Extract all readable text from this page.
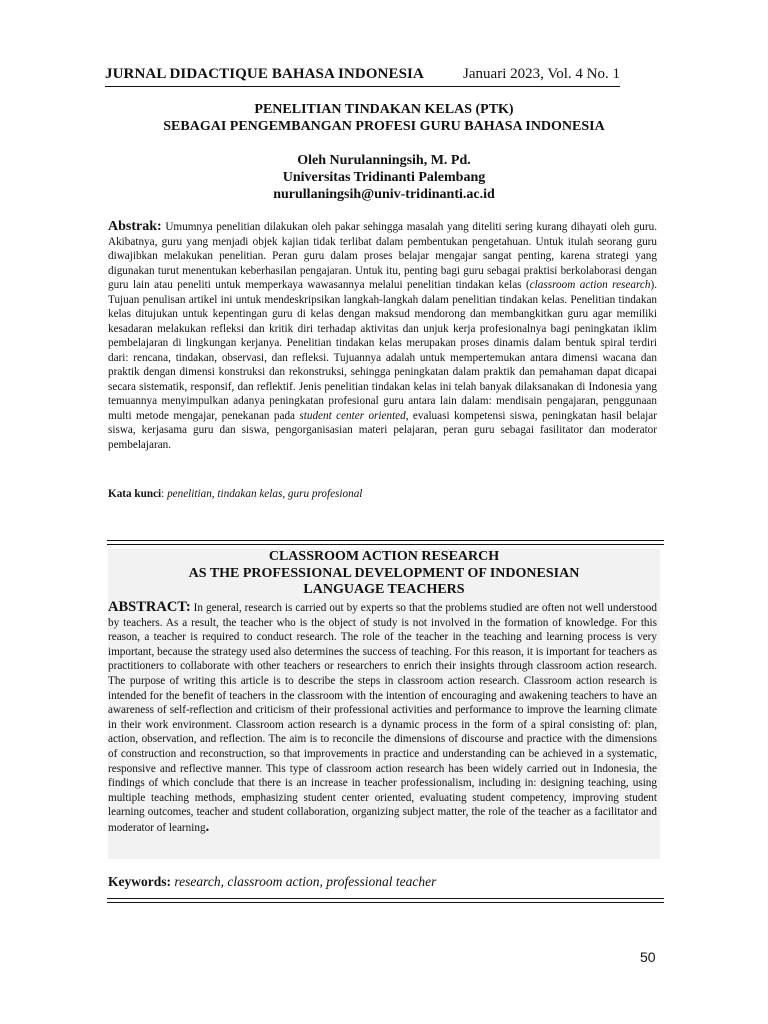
JURNAL DIDACTIQUE BAHASA INDONESIA	Januari 2023, Vol. 4 No. 1
PENELITIAN TINDAKAN KELAS (PTK)
SEBAGAI PENGEMBANGAN PROFESI GURU BAHASA INDONESIA
Oleh Nurulanningsih, M. Pd.
Universitas Tridinanti Palembang
nurullaningsih@univ-tridinanti.ac.id
Abstrak: Umumnya penelitian dilakukan oleh pakar sehingga masalah yang diteliti sering kurang dihayati oleh guru. Akibatnya, guru yang menjadi objek kajian tidak terlibat dalam pembentukan pengetahuan. Untuk itulah seorang guru diwajibkan melakukan penelitian. Peran guru dalam proses belajar mengajar sangat penting, karena strategi yang digunakan turut menentukan keberhasilan pengajaran. Untuk itu, penting bagi guru sebagai praktisi berkolaborasi dengan guru lain atau peneliti untuk memperkaya wawasannya melalui penelitian tindakan kelas (classroom action research). Tujuan penulisan artikel ini untuk mendeskripsikan langkah-langkah dalam penelitian tindakan kelas. Penelitian tindakan kelas ditujukan untuk kepentingan guru di kelas dengan maksud mendorong dan membangkitkan guru agar memiliki kesadaran melakukan refleksi dan kritik diri terhadap aktivitas dan unjuk kerja profesionalnya bagi peningkatan iklim pembelajaran di lingkungan kerjanya. Penelitian tindakan kelas merupakan proses dinamis dalam bentuk spiral terdiri dari: rencana, tindakan, observasi, dan refleksi. Tujuannya adalah untuk mempertemukan antara dimensi wacana dan praktik dengan dimensi konstruksi dan rekonstruksi, sehingga peningkatan dalam praktik dan pemahaman dapat dicapai secara sistematik, responsif, dan reflektif. Jenis penelitian tindakan kelas ini telah banyak dilaksanakan di Indonesia yang temuannya menyimpulkan adanya peningkatan profesional guru antara lain dalam: mendisain pengajaran, penggunaan multi metode mengajar, penekanan pada student center oriented, evaluasi kompetensi siswa, peningkatan hasil belajar siswa, kerjasama guru dan siswa, pengorganisasian materi pelajaran, peran guru sebagai fasilitator dan moderator pembelajaran.
Kata kunci: penelitian, tindakan kelas, guru profesional
CLASSROOM ACTION RESEARCH
AS THE PROFESSIONAL DEVELOPMENT OF INDONESIAN
LANGUAGE TEACHERS
ABSTRACT: In general, research is carried out by experts so that the problems studied are often not well understood by teachers. As a result, the teacher who is the object of study is not involved in the formation of knowledge. For this reason, a teacher is required to conduct research. The role of the teacher in the teaching and learning process is very important, because the strategy used also determines the success of teaching. For this reason, it is important for teachers as practitioners to collaborate with other teachers or researchers to enrich their insights through classroom action research. The purpose of writing this article is to describe the steps in classroom action research. Classroom action research is intended for the benefit of teachers in the classroom with the intention of encouraging and awakening teachers to have an awareness of self-reflection and criticism of their professional activities and performance to improve the learning climate in their work environment. Classroom action research is a dynamic process in the form of a spiral consisting of: plan, action, observation, and reflection. The aim is to reconcile the dimensions of discourse and practice with the dimensions of construction and reconstruction, so that improvements in practice and understanding can be achieved in a systematic, responsive and reflective manner. This type of classroom action research has been widely carried out in Indonesia, the findings of which conclude that there is an increase in teacher professionalism, including in: designing teaching, using multiple teaching methods, emphasizing student center oriented, evaluating student competency, improving student learning outcomes, teacher and student collaboration, organizing subject matter, the role of the teacher as a facilitator and moderator of learning.
Keywords: research, classroom action, professional teacher
50
